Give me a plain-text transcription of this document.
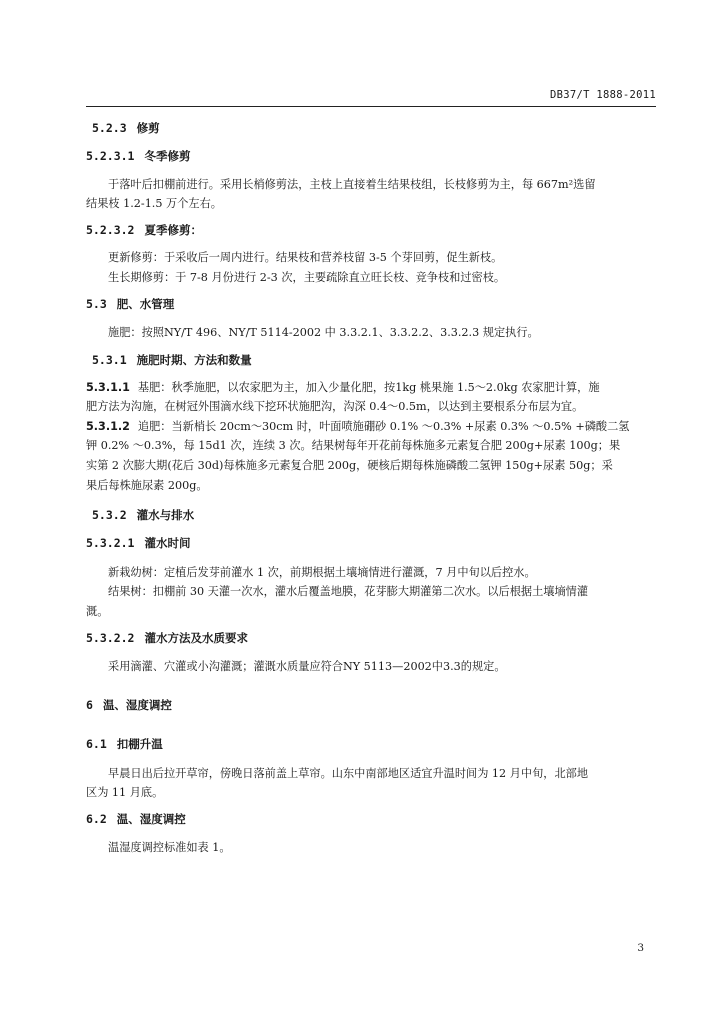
DB37/T 1888-2011
5.2.3 修剪
5.2.3.1 冬季修剪
于落叶后扣棚前进行。采用长梢修剪法，主枝上直接着生结果枝组，长枝修剪为主，每 667m²选留
结果枝 1.2-1.5 万个左右。
5.2.3.2 夏季修剪：
更新修剪：于采收后一周内进行。结果枝和营养枝留 3-5 个芽回剪，促生新枝。
生长期修剪：于 7-8 月份进行 2-3 次，主要疏除直立旺长枝、竞争枝和过密枝。
5.3 肥、水管理
施肥：按照NY/T 496、NY/T 5114-2002 中 3.3.2.1、3.3.2.2、3.3.2.3 规定执行。
5.3.1 施肥时期、方法和数量
5.3.1.1 基肥：秋季施肥，以农家肥为主，加入少量化肥，按1kg 桃果施 1.5～2.0kg 农家肥计算，施
肥方法为沟施，在树冠外围滴水线下挖环状施肥沟，沟深 0.4～0.5m，以达到主要根系分布层为宜。
5.3.1.2 追肥：当新梢长 20cm～30cm 时，叶面喷施硼砂 0.1% ～0.3% +尿素 0.3% ～0.5% +磷酸二氢
钾 0.2% ～0.3%，每 15d1 次，连续 3 次。结果树每年开花前每株施多元素复合肥 200g+尿素 100g；果
实第 2 次膨大期(花后 30d)每株施多元素复合肥 200g，硬核后期每株施磷酸二氢钾 150g+尿素 50g；采
果后每株施尿素 200g。
5.3.2 灌水与排水
5.3.2.1 灌水时间
新栽幼树：定植后发芽前灌水 1 次，前期根据土壤墒情进行灌溉，7 月中旬以后控水。
结果树：扣棚前 30 天灌一次水，灌水后覆盖地膜，花芽膨大期灌第二次水。以后根据土壤墒情灌
溉。
5.3.2.2 灌水方法及水质要求
采用滴灌、穴灌或小沟灌溉；灌溉水质量应符合NY 5113—2002中3.3的规定。
6 温、湿度调控
6.1 扣棚升温
早晨日出后拉开草帘，傍晚日落前盖上草帘。山东中南部地区适宜升温时间为 12 月中旬，北部地
区为 11 月底。
6.2 温、湿度调控
温湿度调控标准如表 1。
3
